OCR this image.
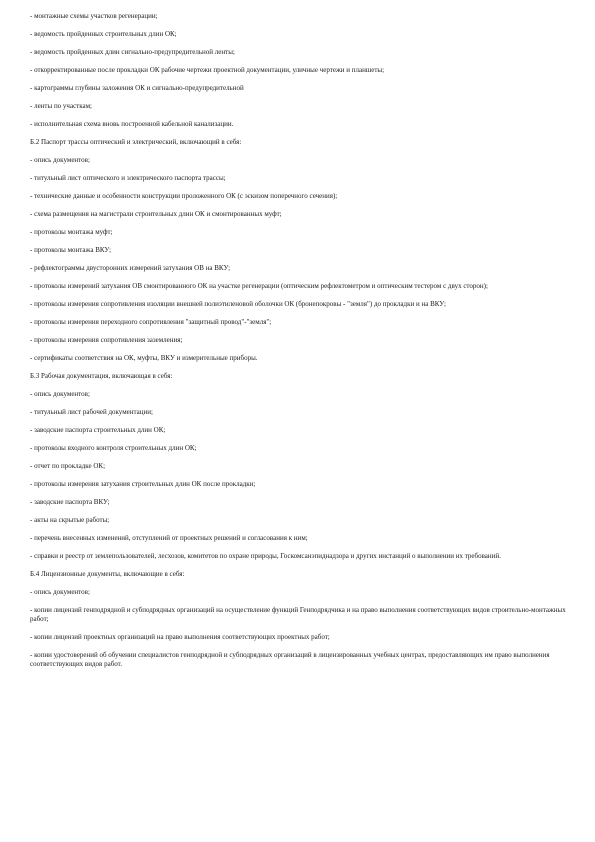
- монтажные схемы участков регенерации;

- ведомость пройденных строительных длин ОК;

- ведомость пройденных длин сигнально-предупредительной ленты;

- откорректированные после прокладки ОК рабочие чертежи проектной документации, уличные чертежи и планшеты;

- картограммы глубины заложения ОК и сигнально-предупредительной

- ленты по участкам;

- исполнительная схема вновь построенной кабельной канализации.

Б.2 Паспорт трассы оптический и электрический, включающий в себя:

- опись документов;

- титульный лист оптического и электрического паспорта трассы;

- технические данные и особенности конструкции проложенного ОК (с эскизом поперечного сечения);

- схема размещения на магистрали строительных длин ОК и смонтированных муфт;

- протоколы монтажа муфт;

- протоколы монтажа ВКУ;

- рефлектограммы двусторонних измерений затухания ОВ на ВКУ;

- протоколы измерений затухания ОВ смонтированного ОК на участке регенерации (оптическим рефлектометром и оптическим тестером с двух сторон);

- протоколы измерения сопротивления изоляции внешней полиэтиленовой оболочки ОК (бронепокровы - "земля") до прокладки и на ВКУ;

- протоколы измерения переходного сопротивления "защитный провод"-"земля";

- протоколы измерения сопротивления заземления;

- сертификаты соответствия на ОК, муфты, ВКУ и измерительные приборы.

Б.3 Рабочая документация, включающая в себя:

- опись документов;

- титульный лист рабочей документации;

- заводские паспорта строительных длин ОК;

- протоколы входного контроля строительных длин ОК;

- отчет по прокладке ОК;

- протоколы измерения затухания строительных длин ОК после прокладки;

- заводские паспорта ВКУ;

- акты на скрытые работы;

- перечень внесенных изменений, отступлений от проектных решений и согласования к ним;

- справки и реестр от землепользователей, лесхозов, комитетов по охране природы, Госкомсанэпиднадзора и других инстанций о выполнении их требований.

Б.4 Лицензионные документы, включающие в себя:

- опись документов;

- копии лицензий генподрядной и субподрядных организаций на осуществление функций Генподрядчика и на право выполнения соответствующих видов строительно-монтажных работ;

- копии лицензий проектных организаций на право выполнения соответствующих проектных работ;

- копии удостоверений об обучении специалистов генподрядной и субподрядных организаций в лицензированных учебных центрах, предоставляющих им право выполнения соответствующих видов работ.
